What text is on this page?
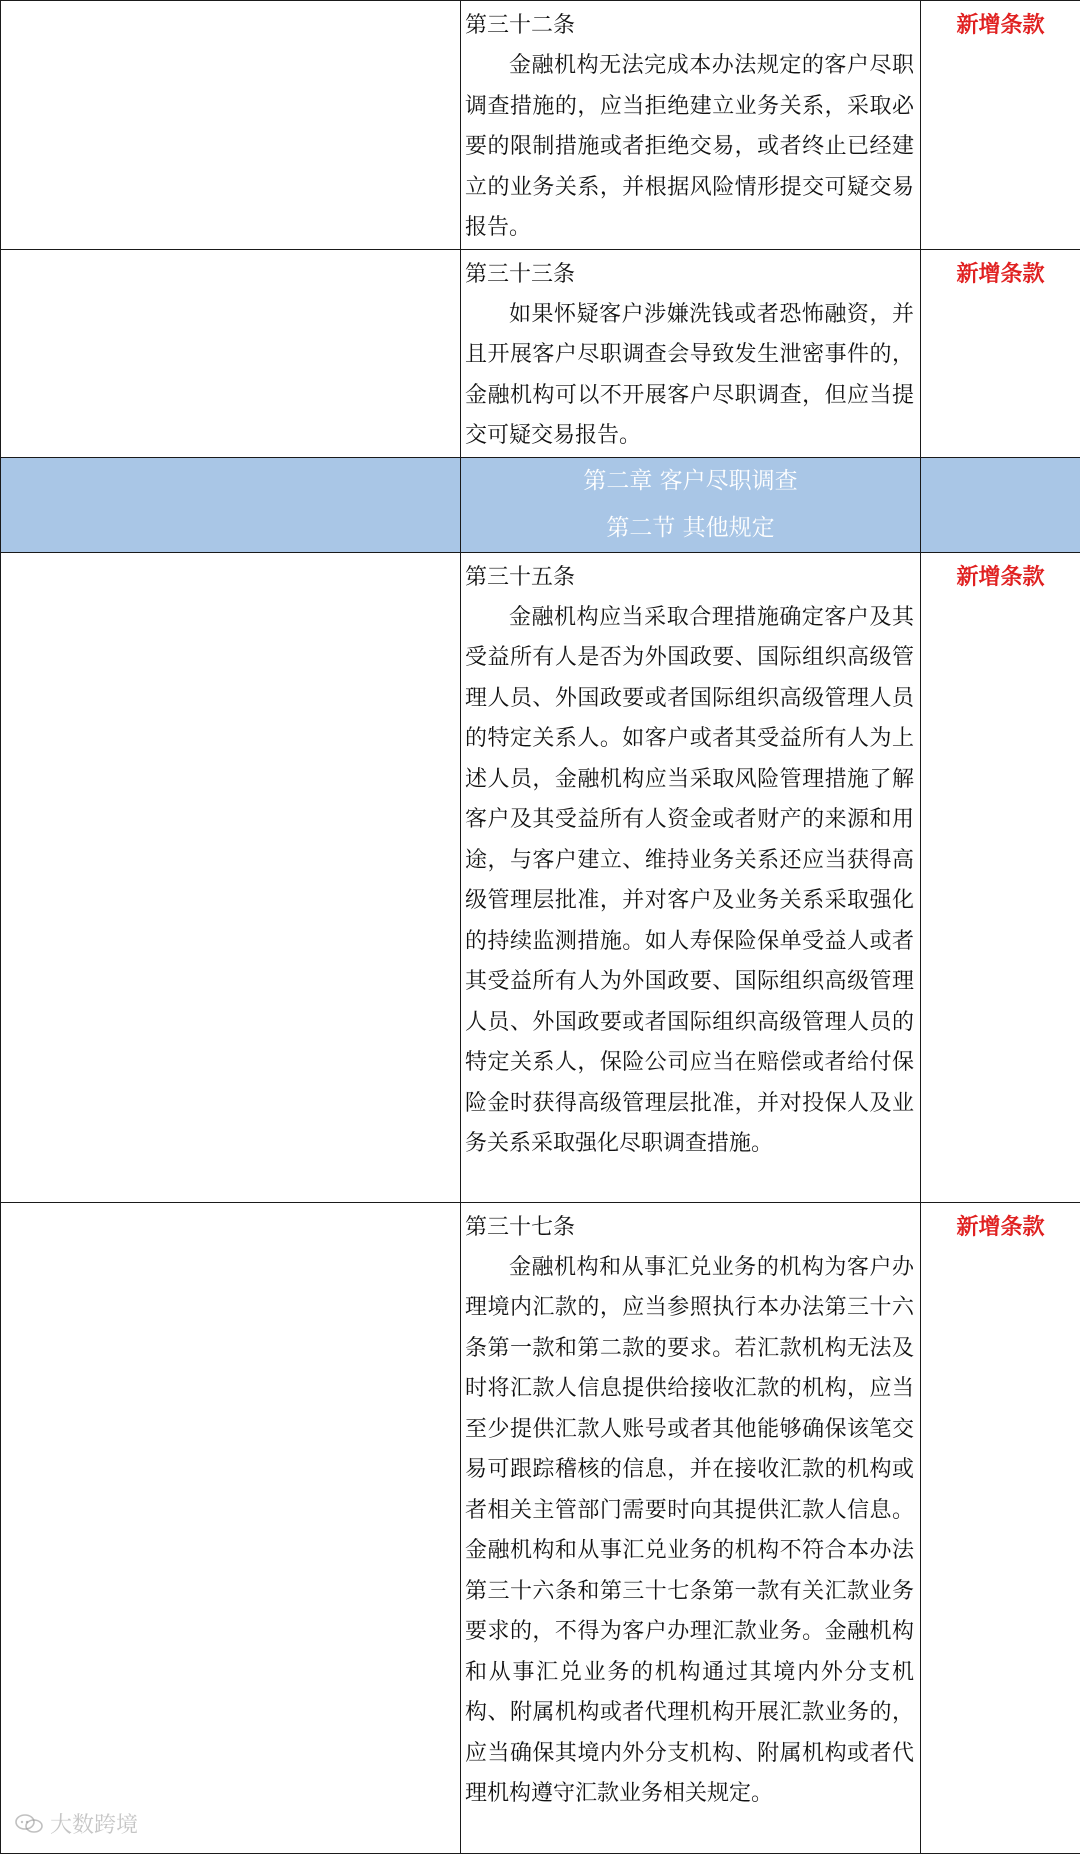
	第三十二条
金融机构无法完成本办法规定的客户尽职调查措施的，应当拒绝建立业务关系，采取必要的限制措施或者拒绝交易，或者终止已经建立的业务关系，并根据风险情形提交可疑交易报告。	新增条款

	第三十三条
如果怀疑客户涉嫌洗钱或者恐怖融资，并且开展客户尽职调查会导致发生泄密事件的，金融机构可以不开展客户尽职调查，但应当提交可疑交易报告。	新增条款

	第二章 客户尽职调查
第二节 其他规定	

	第三十五条
金融机构应当采取合理措施确定客户及其受益所有人是否为外国政要、国际组织高级管理人员、外国政要或者国际组织高级管理人员的特定关系人。如客户或者其受益所有人为上述人员，金融机构应当采取风险管理措施了解客户及其受益所有人资金或者财产的来源和用途，与客户建立、维持业务关系还应当获得高级管理层批准，并对客户及业务关系采取强化的持续监测措施。如人寿保险保单受益人或者其受益所有人为外国政要、国际组织高级管理人员、外国政要或者国际组织高级管理人员的特定关系人，保险公司应当在赔偿或者给付保险金时获得高级管理层批准，并对投保人及业务关系采取强化尽职调查措施。	新增条款

	第三十七条
金融机构和从事汇兑业务的机构为客户办理境内汇款的，应当参照执行本办法第三十六条第一款和第二款的要求。若汇款机构无法及时将汇款人信息提供给接收汇款的机构，应当至少提供汇款人账号或者其他能够确保该笔交易可跟踪稽核的信息，并在接收汇款的机构或者相关主管部门需要时向其提供汇款人信息。金融机构和从事汇兑业务的机构不符合本办法第三十六条和第三十七条第一款有关汇款业务要求的，不得为客户办理汇款业务。金融机构和从事汇兑业务的机构通过其境内外分支机构、附属机构或者代理机构开展汇款业务的，应当确保其境内外分支机构、附属机构或者代理机构遵守汇款业务相关规定。	新增条款
大数跨境
